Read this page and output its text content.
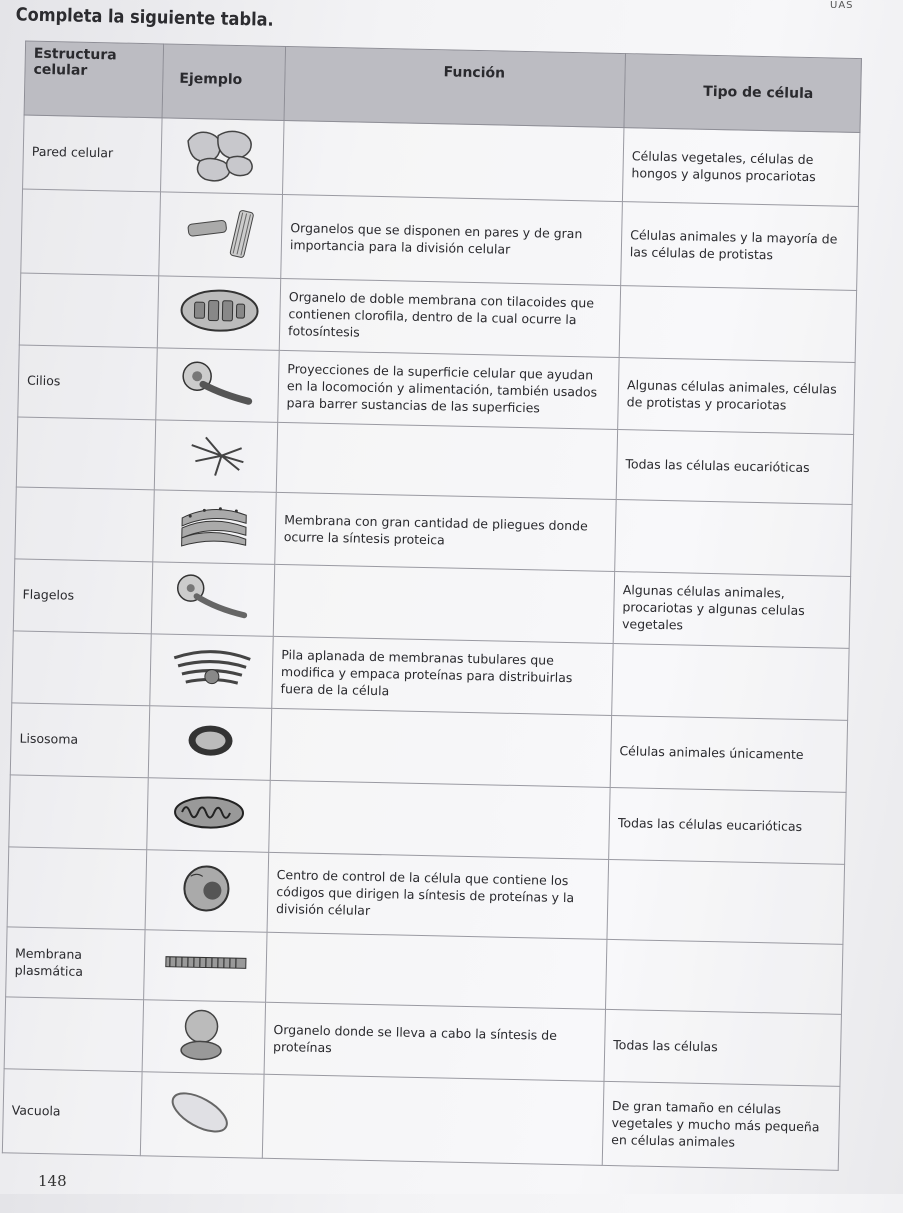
UAS
Completa la siguiente tabla.
Estructura celular	Ejemplo	Función	Tipo de célula

Pared celular			Células vegetales, células de hongos y algunos procariotas
		Organelos que se disponen en pares y de gran importancia para la división celular	Células animales y la mayoría de las células de protistas
		Organelo de doble membrana con tilacoides que contienen clorofila, dentro de la cual ocurre la fotosíntesis	
Cilios		Proyecciones de la superficie celular que ayudan en la locomoción y alimentación, también usados para barrer sustancias de las superficies	Algunas células animales, células de protistas y procariotas
			Todas las células eucarióticas
		Membrana con gran cantidad de pliegues donde ocurre la síntesis proteica	
Flagelos			Algunas células animales, procariotas y algunas celulas vegetales
		Pila aplanada de membranas tubulares que modifica y empaca proteínas para distribuirlas fuera de la célula	
Lisosoma			Células animales únicamente
			Todas las células eucarióticas
		Centro de control de la célula que contiene los códigos que dirigen la síntesis de proteínas y la división célular	
Membrana plasmática			
		Organelo donde se lleva a cabo la síntesis de proteínas	Todas las células
Vacuola			De gran tamaño en células vegetales y mucho más pequeña en células animales
148
